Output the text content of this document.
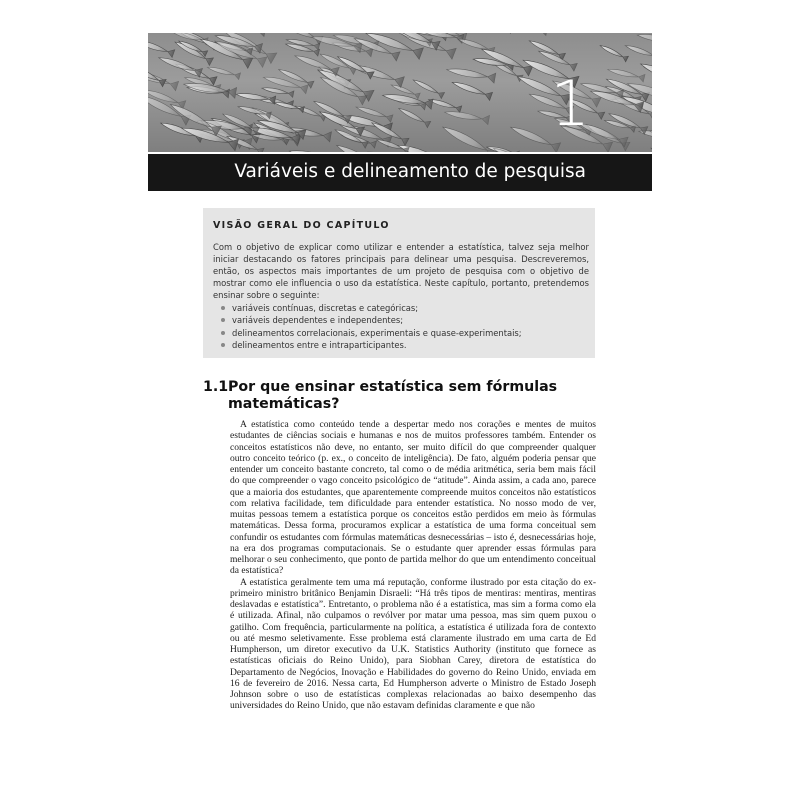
1
Variáveis e delineamento de pesquisa
VISÃO GERAL DO CAPÍTULO
Com o objetivo de explicar como utilizar e entender a estatística, talvez seja melhor iniciar destacando os fatores principais para delinear uma pesquisa. Descreveremos, então, os aspectos mais importantes de um projeto de pesquisa com o objetivo de mostrar como ele influencia o uso da estatística. Neste capítulo, portanto, pretendemos ensinar sobre o seguinte:
variáveis contínuas, discretas e categóricas;
variáveis dependentes e independentes;
delineamentos correlacionais, experimentais e quase-experimentais;
delineamentos entre e intraparticipantes.
1.1 Por que ensinar estatística sem fórmulas matemáticas?

A estatística como conteúdo tende a despertar medo nos corações e mentes de muitos estudantes de ciências sociais e humanas e nos de muitos professores também. Entender os conceitos estatísticos não deve, no entanto, ser muito difícil do que compreender qualquer outro conceito teórico (p. ex., o conceito de inteligência). De fato, alguém poderia pensar que entender um conceito bastante concreto, tal como o de média aritmética, seria bem mais fácil do que compreender o vago conceito psicológico de “atitude”. Ainda assim, a cada ano, parece que a maioria dos estudantes, que aparentemente compreende muitos conceitos não estatísticos com relativa facilidade, tem dificuldade para entender estatística. No nosso modo de ver, muitas pessoas temem a estatística porque os conceitos estão perdidos em meio às fórmulas matemáticas. Dessa forma, procuramos explicar a estatística de uma forma conceitual sem confundir os estudantes com fórmulas matemáticas desnecessárias – isto é, desnecessárias hoje, na era dos programas computacionais. Se o estudante quer aprender essas fórmulas para melhorar o seu conhecimento, que ponto de partida melhor do que um entendimento conceitual da estatística?

A estatística geralmente tem uma má reputação, conforme ilustrado por esta citação do ex-primeiro ministro britânico Benjamin Disraeli: “Há três tipos de mentiras: mentiras, mentiras deslavadas e estatística”. Entretanto, o problema não é a estatística, mas sim a forma como ela é utilizada. Afinal, não culpamos o revólver por matar uma pessoa, mas sim quem puxou o gatilho. Com frequência, particularmente na política, a estatística é utilizada fora de contexto ou até mesmo seletivamente. Esse problema está claramente ilustrado em uma carta de Ed Humpherson, um diretor executivo da U.K. Statistics Authority (instituto que fornece as estatísticas oficiais do Reino Unido), para Siobhan Carey, diretora de estatística do Departamento de Negócios, Inovação e Habilidades do governo do Reino Unido, enviada em 16 de fevereiro de 2016. Nessa carta, Ed Humpherson adverte o Ministro de Estado Joseph Johnson sobre o uso de estatísticas complexas relacionadas ao baixo desempenho das universidades do Reino Unido, que não estavam definidas claramente e que não
